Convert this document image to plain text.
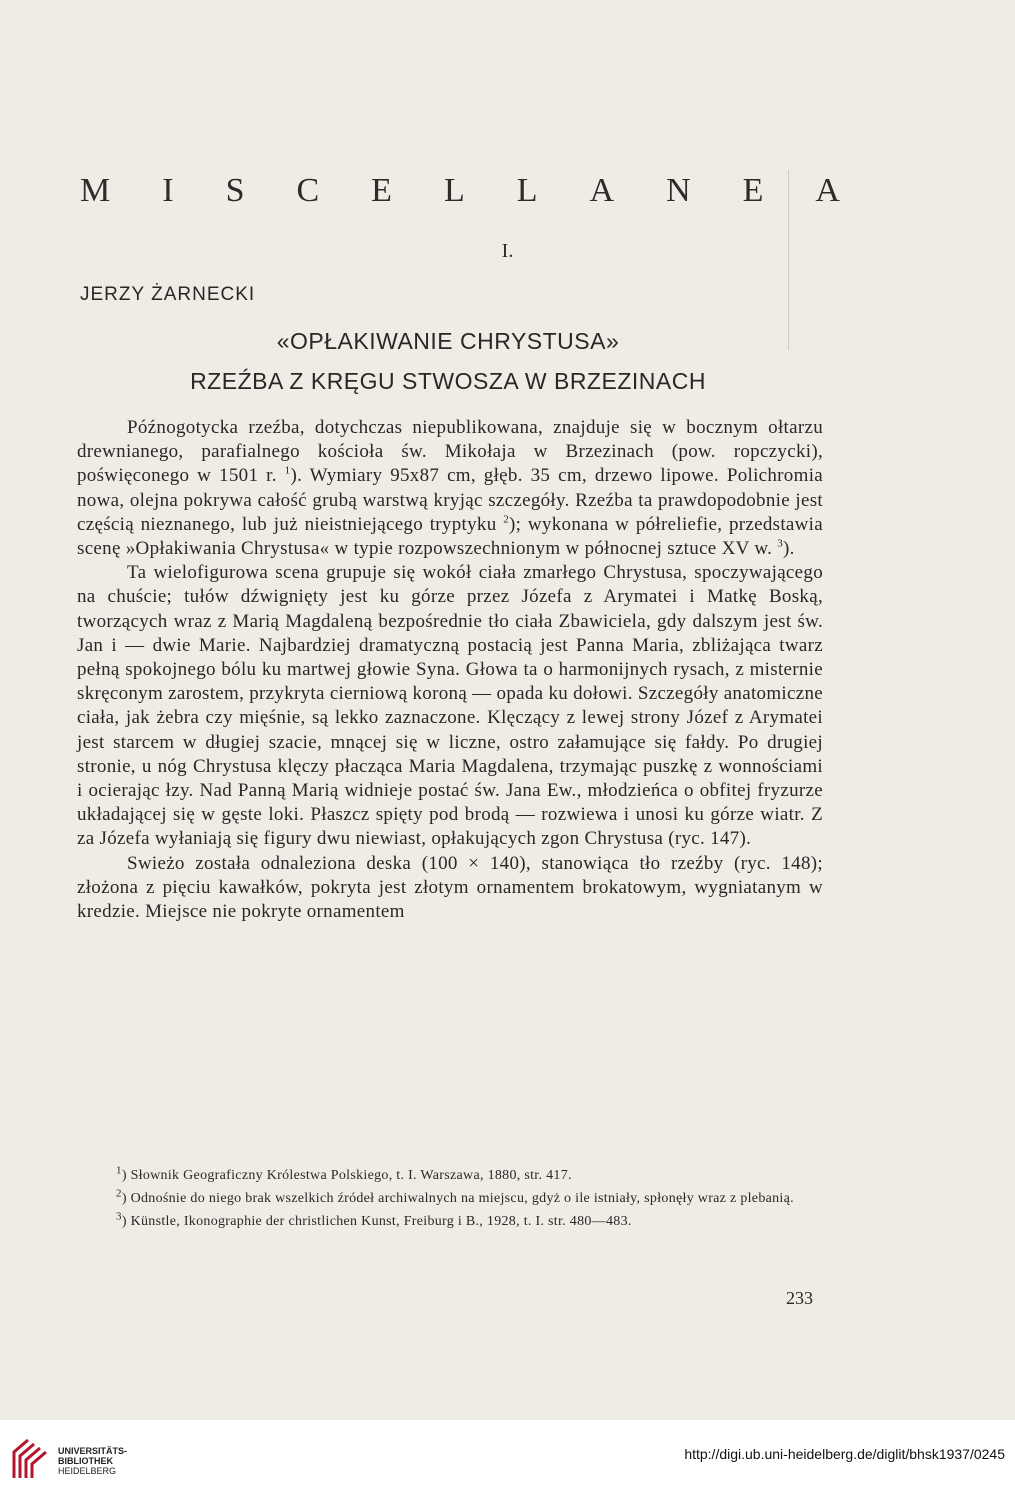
M I S C E L L A N E A
I.
JERZY ŻARNECKI
«OPŁAKIWANIE CHRYSTUSA»
RZEŹBA Z KRĘGU STWOSZA W BRZEZINACH

Późnogotycka rzeźba, dotychczas niepublikowana, znajduje się w bocznym ołtarzu drewnianego, parafialnego kościoła św. Mikołaja w Brzezinach (pow. ropczycki), poświęconego w 1501 r. $^1$). Wymiary 95x87 cm, głęb. 35 cm, drzewo lipowe. Polichromia nowa, olejna pokrywa całość grubą warstwą kryjąc szczegóły. Rzeźba ta prawdopodobnie jest częścią nieznanego, lub już nieistniejącego tryptyku $^2$); wykonana w półreliefie, przedstawia scenę »Opłakiwania Chrystusa« w typie rozpowszechnionym w północnej sztuce XV w. $^3$).

Ta wielofigurowa scena grupuje się wokół ciała zmarłego Chrystusa, spoczywającego na chuście; tułów dźwignięty jest ku górze przez Józefa z Arymatei i Matkę Boską, tworzących wraz z Marią Magdaleną bezpośrednie tło ciała Zbawiciela, gdy dalszym jest św. Jan i — dwie Marie. Najbardziej dramatyczną postacią jest Panna Maria, zbliżająca twarz pełną spokojnego bólu ku martwej głowie Syna. Głowa ta o harmonijnych rysach, z misternie skręconym zarostem, przykryta cierniową koroną — opada ku dołowi. Szczegóły anatomiczne ciała, jak żebra czy mięśnie, są lekko zaznaczone. Klęczący z lewej strony Józef z Arymatei jest starcem w długiej szacie, mnącej się w liczne, ostro załamujące się fałdy. Po drugiej stronie, u nóg Chrystusa klęczy płacząca Maria Magdalena, trzymając puszkę z wonnościami i ocierając łzy. Nad Panną Marią widnieje postać św. Jana Ew., młodzieńca o obfitej fryzurze układającej się w gęste loki. Płaszcz spięty pod brodą — rozwiewa i unosi ku górze wiatr. Z za Józefa wyłaniają się figury dwu niewiast, opłakujących zgon Chrystusa (ryc. 147).

Swieżo została odnaleziona deska (100 × 140), stanowiąca tło rzeźby (ryc. 148); złożona z pięciu kawałków, pokryta jest złotym ornamentem brokatowym, wygniatanym w kredzie. Miejsce nie pokryte ornamentem

$^1$) Słownik Geograficzny Królestwa Polskiego, t. I. Warszawa, 1880, str. 417.

$^2$) Odnośnie do niego brak wszelkich źródeł archiwalnych na miejscu, gdyż o ile istniały, spłonęły wraz z plebanią.

$^3$) Künstle, Ikonographie der christlichen Kunst, Freiburg i B., 1928, t. I. str. 480—483.

233
UNIVERSITÄTS-
BIBLIOTHEK
HEIDELBERG
http://digi.ub.uni-heidelberg.de/diglit/bhsk1937/0245
